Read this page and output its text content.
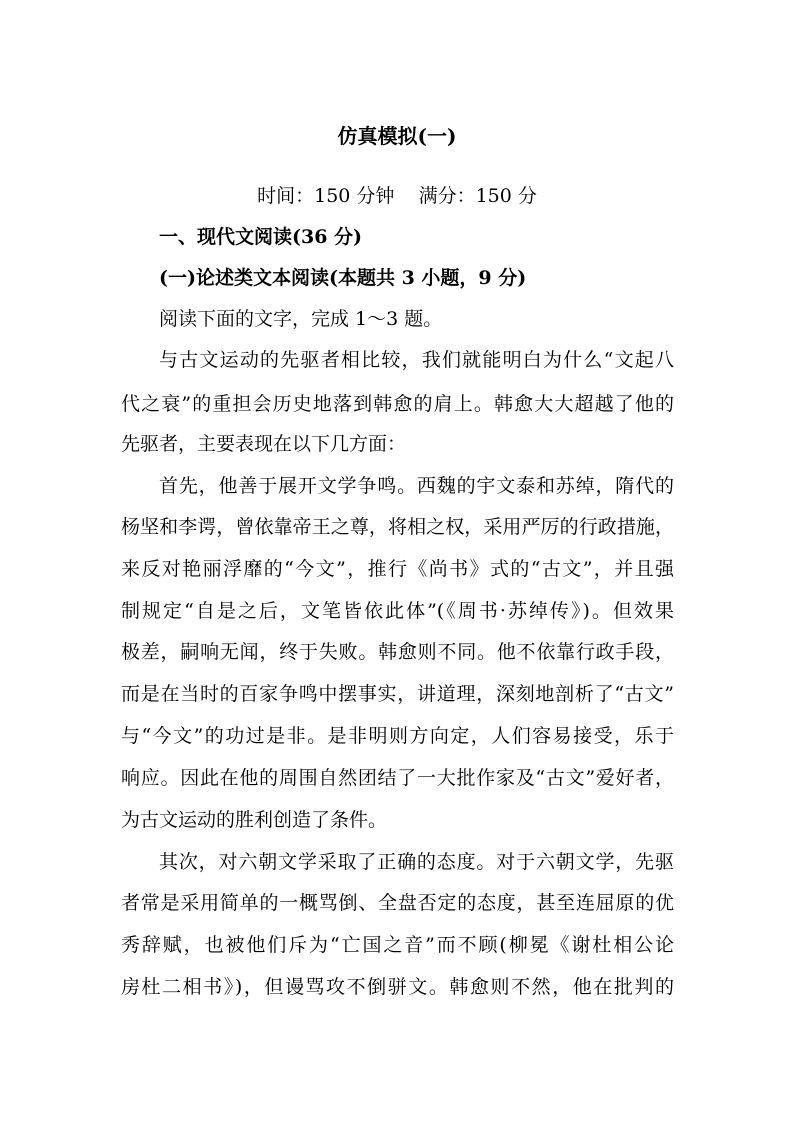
仿真模拟(一)
时间：150 分钟    满分：150 分
一、现代文阅读(36 分)
(一)论述类文本阅读(本题共 3 小题，9 分)
阅读下面的文字，完成 1～3 题。
与古文运动的先驱者相比较，我们就能明白为什么“文起八
代之衰”的重担会历史地落到韩愈的肩上。韩愈大大超越了他的
先驱者，主要表现在以下几方面：
首先，他善于展开文学争鸣。西魏的宇文泰和苏绰，隋代的
杨坚和李谔，曾依靠帝王之尊，将相之权，采用严厉的行政措施，
来反对艳丽浮靡的“今文”，推行《尚书》式的“古文”，并且强
制规定“自是之后，文笔皆依此体”(《周书·苏绰传》)。但效果
极差，嗣响无闻，终于失败。韩愈则不同。他不依靠行政手段，
而是在当时的百家争鸣中摆事实，讲道理，深刻地剖析了“古文”
与“今文”的功过是非。是非明则方向定，人们容易接受，乐于
响应。因此在他的周围自然团结了一大批作家及“古文”爱好者，
为古文运动的胜利创造了条件。
其次，对六朝文学采取了正确的态度。对于六朝文学，先驱
者常是采用简单的一概骂倒、全盘否定的态度，甚至连屈原的优
秀辞赋，也被他们斥为“亡国之音”而不顾(柳冕《谢杜相公论
房杜二相书》)，但谩骂攻不倒骈文。韩愈则不然，他在批判的
